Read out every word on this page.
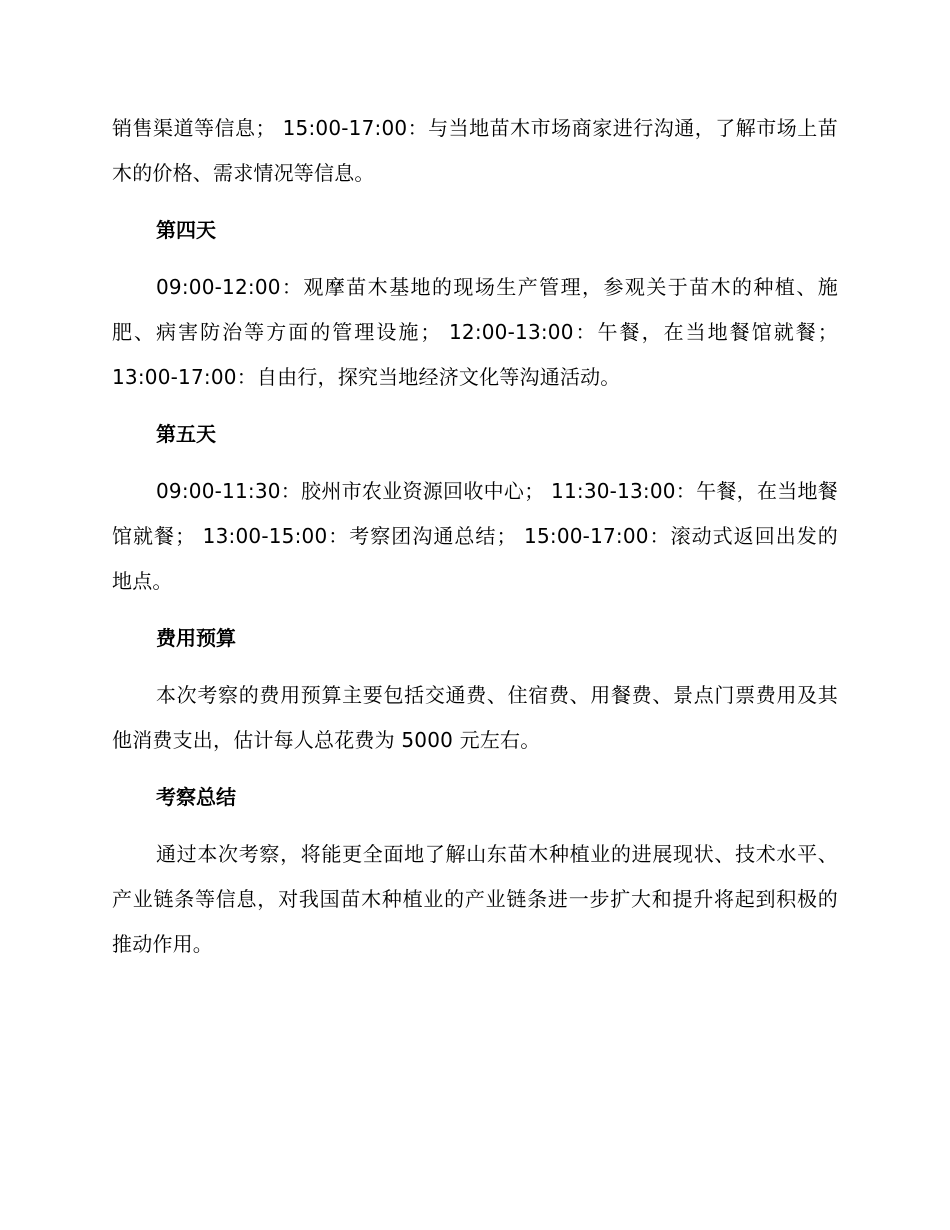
销售渠道等信息； 15:00-17:00：与当地苗木市场商家进行沟通，了解市场上苗木的价格、需求情况等信息。

第四天

09:00-12:00：观摩苗木基地的现场生产管理，参观关于苗木的种植、施肥、病害防治等方面的管理设施； 12:00-13:00：午餐，在当地餐馆就餐；13:00-17:00：自由行，探究当地经济文化等沟通活动。

第五天

09:00-11:30：胶州市农业资源回收中心； 11:30-13:00：午餐，在当地餐馆就餐； 13:00-15:00：考察团沟通总结； 15:00-17:00：滚动式返回出发的地点。

费用预算

本次考察的费用预算主要包括交通费、住宿费、用餐费、景点门票费用及其他消费支出，估计每人总花费为 5000 元左右。

考察总结

通过本次考察，将能更全面地了解山东苗木种植业的进展现状、技术水平、产业链条等信息，对我国苗木种植业的产业链条进一步扩大和提升将起到积极的推动作用。
